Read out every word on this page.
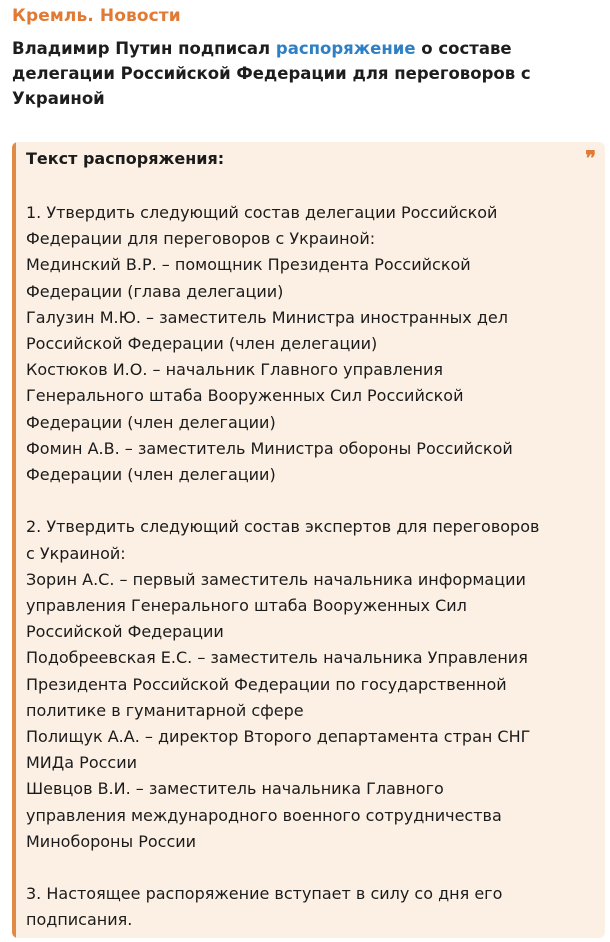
Кремль. Новости
Владимир Путин подписал распоряжение о составе
делегации Российской Федерации для переговоров с
Украиной
❞
Текст распоряжения:
1. Утвердить следующий состав делегации Российской
Федерации для переговоров с Украиной:
Мединский В.Р. – помощник Президента Российской
Федерации (глава делегации)
Галузин М.Ю. – заместитель Министра иностранных дел
Российской Федерации (член делегации)
Костюков И.О. – начальник Главного управления
Генерального штаба Вооруженных Сил Российской
Федерации (член делегации)
Фомин А.В. – заместитель Министра обороны Российской
Федерации (член делегации)
2. Утвердить следующий состав экспертов для переговоров
с Украиной:
Зорин А.С. – первый заместитель начальника информации
управления Генерального штаба Вооруженных Сил
Российской Федерации
Подобреевская Е.С. – заместитель начальника Управления
Президента Российской Федерации по государственной
политике в гуманитарной сфере
Полищук А.А. – директор Второго департамента стран СНГ
МИДа России
Шевцов В.И. – заместитель начальника Главного
управления международного военного сотрудничества
Минобороны России
3. Настоящее распоряжение вступает в силу со дня его
подписания.
